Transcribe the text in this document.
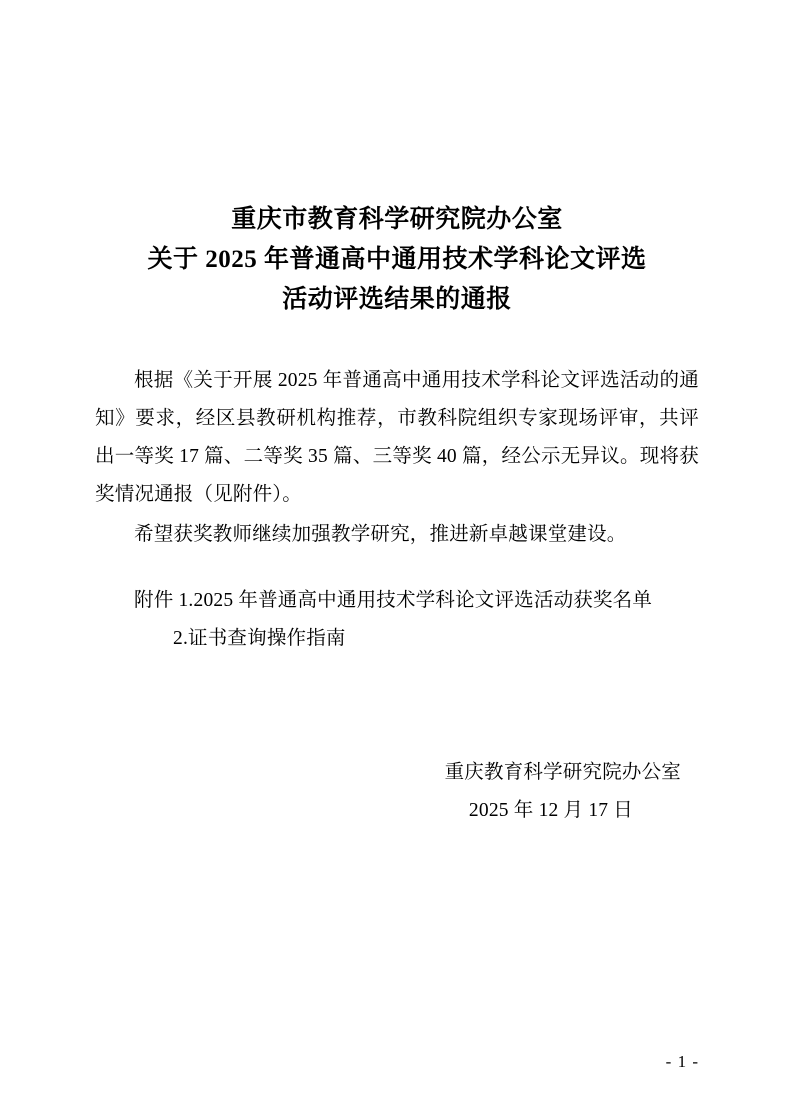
重庆市教育科学研究院办公室
关于 2025 年普通高中通用技术学科论文评选
活动评选结果的通报

根据《关于开展 2025 年普通高中通用技术学科论文评选活动的通知》要求，经区县教研机构推荐，市教科院组织专家现场评审，共评出一等奖 17 篇、二等奖 35 篇、三等奖 40 篇，经公示无异议。现将获奖情况通报（见附件）。

希望获奖教师继续加强教学研究，推进新卓越课堂建设。

附件 1.2025 年普通高中通用技术学科论文评选活动获奖名单

2.证书查询操作指南

重庆教育科学研究院办公室
2025 年 12 月 17 日
- 1 -
